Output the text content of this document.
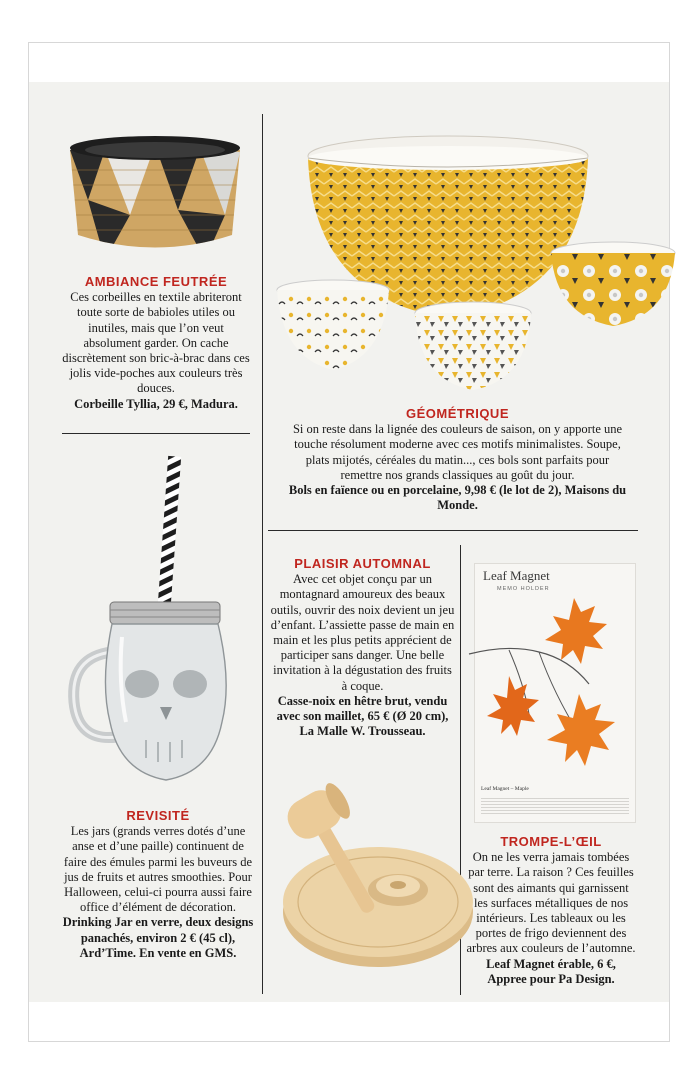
AMBIANCE FEUTRÉE
Ces corbeilles en textile abriteront toute sorte de babioles utiles ou inutiles, mais que l’on veut absolument garder. On cache discrètement son bric-à-brac dans ces jolis vide-poches aux couleurs très douces.
Corbeille Tyllia, 29 €, Madura.
GÉOMÉTRIQUE
Si on reste dans la lignée des couleurs de saison, on y apporte une touche résolument moderne avec ces motifs minimalistes. Soupe, plats mijotés, céréales du matin..., ces bols sont parfaits pour remettre nos grands classiques au goût du jour.
Bols en faïence ou en porcelaine, 9,98 € (le lot de 2), Maisons du Monde.
REVISITÉ
Les jars (grands verres dotés d’une anse et d’une paille) continuent de faire des émules parmi les buveurs de jus de fruits et autres smoothies. Pour Halloween, celui-ci pourra aussi faire office d’élément de décoration.
Drinking Jar en verre, deux designs panachés, environ 2 € (45 cl), Ard’Time. En vente en GMS.
PLAISIR AUTOMNAL
Avec cet objet conçu par un montagnard amoureux des beaux outils, ouvrir des noix devient un jeu d’enfant. L’assiette passe de main en main et les plus petits apprécient de participer sans danger. Une belle invitation à la dégustation des fruits à coque.
Casse-noix en hêtre brut, vendu avec son maillet, 65 € (Ø 20 cm), La Malle W. Trousseau.
Leaf Magnet
MEMO HOLDER
Leaf Magnet – Maple
TROMPE-L’ŒIL
On ne les verra jamais tombées par terre. La raison ? Ces feuilles sont des aimants qui garnissent les surfaces métalliques de nos intérieurs. Les tableaux ou les portes de frigo deviennent des arbres aux couleurs de l’automne.
Leaf Magnet érable, 6 €, Appree pour Pa Design.
